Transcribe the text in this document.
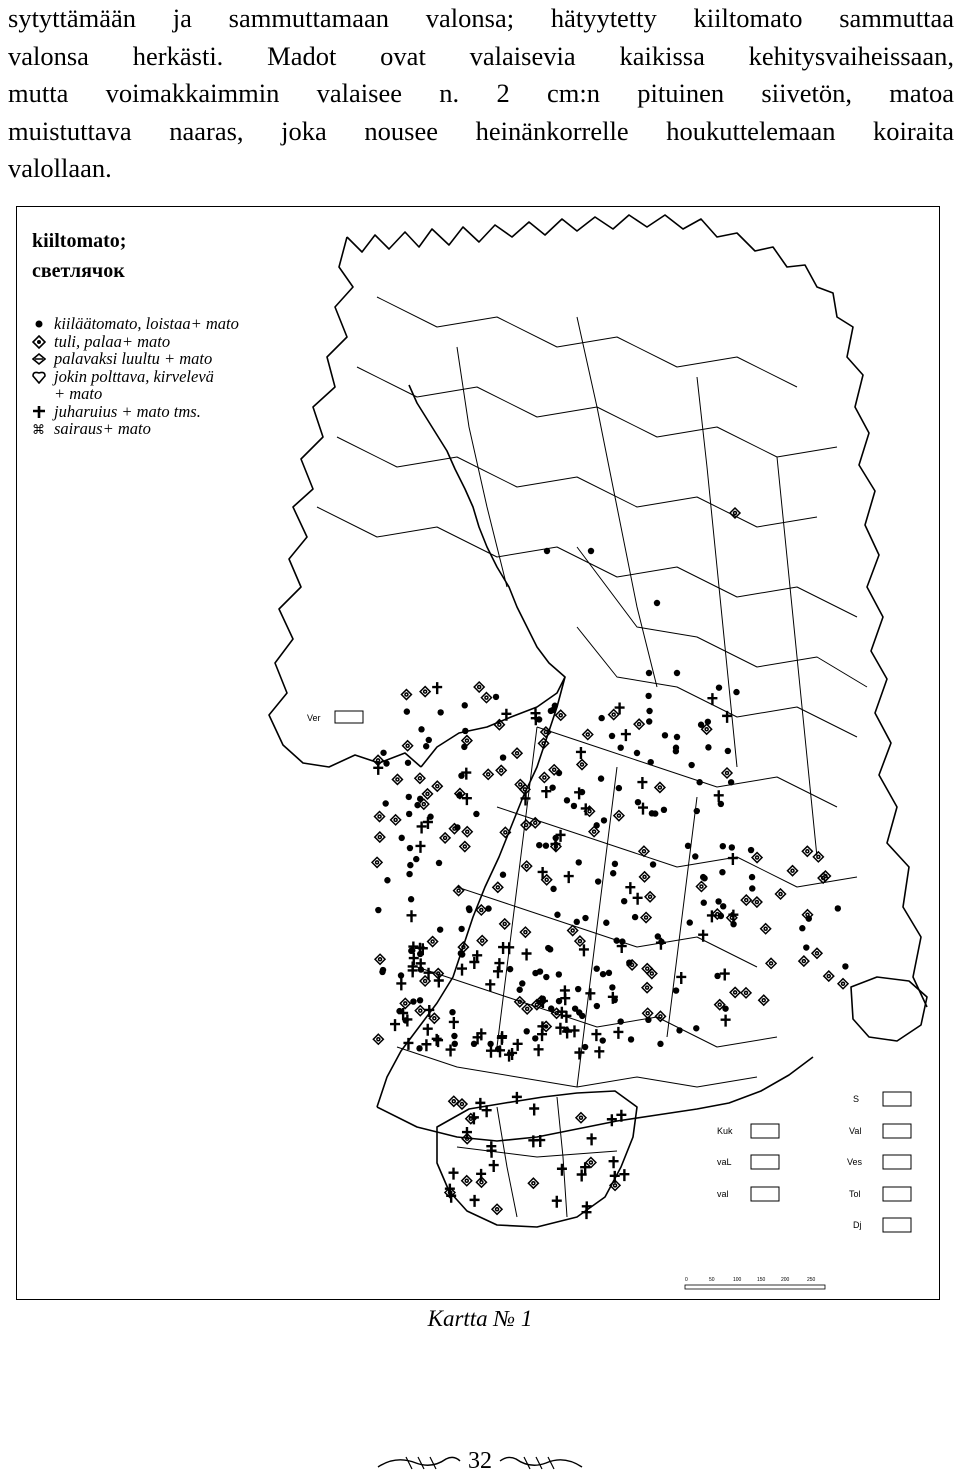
sytyttämään ja sammuttamaan valonsa; hätyytetty kiiltomato sammuttaa
valonsa herkästi. Madot ovat valaisevia kaikissa kehitysvaiheissaan,
mutta voimakkaimmin valaisee n. 2 cm:n pituinen siivetön, matoa
muistuttava naaras, joka nousee heinänkorrelle houkuttelemaan koiraita
valollaan.

Ver
Kuk
vaL
val
S
Val
Ves
Tol
Dj
0	50	100	150	200	250
kiiltomato;
светлячок
kiiläätomato, loistaa+ mato
tuli, palaa+ mato
palavaksi luultu + mato
jokin polttava, kirvelevä
+ mato
juharuius + mato tms.
⌘ sairaus+ mato
Kartta № 1
32
